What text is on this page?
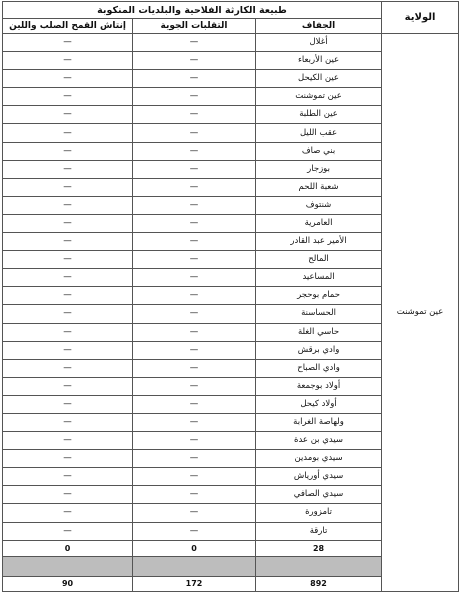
الولاية	طبيعة الكارثة الفلاحية والبلديات المنكوبة		
	الجفاف	التقلبات الجوية	إنتاش القمح الصلب واللين
عين تموشنت	أغلال	—	—
	عين الأربعاء	—	—
	عين الكيحل	—	—
	عين تموشنت	—	—
	عين الطلبة	—	—
	عقب الليل	—	—
	بني صاف	—	—
	بوزجار	—	—
	شعبة اللحم	—	—
	شنتوف	—	—
	العامرية	—	—
	الأمير عبد القادر	—	—
	المالح	—	—
	المساعيد	—	—
	حمام بوحجر	—	—
	الحساسنة	—	—
	حاسي الغلة	—	—
	وادي برقش	—	—
	وادي الصباح	—	—
	أولاد بوجمعة	—	—
	أولاد كيحل	—	—
	ولهاصة الغرابة	—	—
	سيدي بن عدة	—	—
	سيدي بومدين	—	—
	سيدي أورياش	—	—
	سيدي الصافي	—	—
	تامزورة	—	—
	تارقة	—	—
	28	0	0

	892	172	90
